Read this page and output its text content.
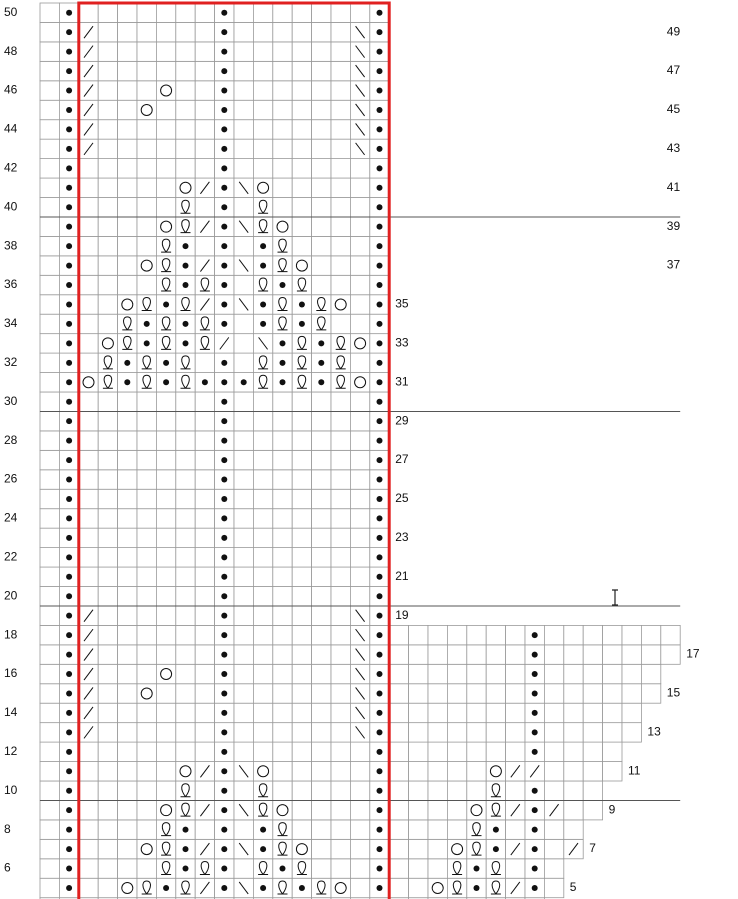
50
48
46
44
42
40
38
36
34
32
30
28
26
24
22
20
18
16
14
12
10
8
6
49
47
45
43
41
39
37
35
33
31
29
27
25
23
21
19
17
15
13
11
9
7
5
